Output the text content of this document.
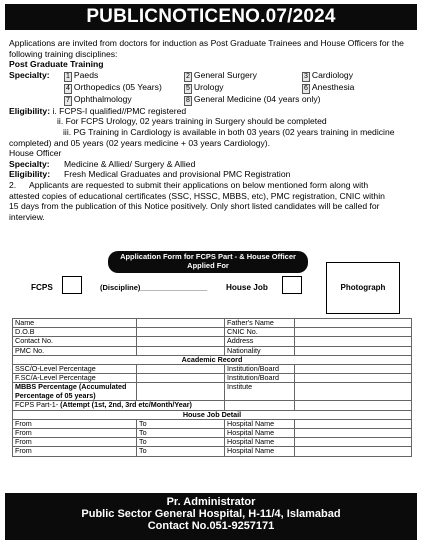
PUBLICNOTICENO.07/2024

Applications are invited from doctors for induction as Post Graduate Trainees and House Officers for the following training disciplines:

Post Graduate Training

Specialty:	1 Paeds	2 General Surgery	3 Cardiology
4 Orthopedics (05 Years)	5 Urology	6 Anesthesia
7 Ophthalmology	8 General Medicine (04 years only)

Eligibility: i. FCPS-I qualified//PMC registered

ii. For FCPS Urology, 02 years training in Surgery should be completed

iii. PG Training in Cardiology is available in both 03 years (02 years training in medicine

completed) and 05 years (02 years medicine + 03 years Cardiology).

House Officer

Specialty: Medicine & Allied/ Surgery & Allied

Eligibility: Fresh Medical Graduates and provisional PMC Registration

2. Applicants are requested to submit their applications on below mentioned form along with

attested copies of educational certificates (SSC, HSSC, MBBS, etc), PMC registration, CNIC within

15 days from the publication of this Notice positively. Only short listed candidates will be called for

interview.

Application Form for FCPS Part - & House Officer Applied For
FCPS	(Discipline)________________ House Job	Photograph
Name		Father's Name	
D.O.B		CNIC No.	
Contact No.		Address	
PMC No.		Nationality	
Academic Record			
SSC/O-Level Percentage		Institution/Board	
F.SC/A-Level Percentage		Institution/Board	
MBBS Percentage (Accumulated Percentage of 05 years)		Institute	
FCPS Part-1- (Attempt (1st, 2nd, 3rd etc/Month/Year)			
House Job Detail			
From	To	Hospital Name	
From	To	Hospital Name	
From	To	Hospital Name	
From	To	Hospital Name	
Pr. Administrator
Public Sector General Hospital, H-11/4, Islamabad
Contact No.051-9257171
